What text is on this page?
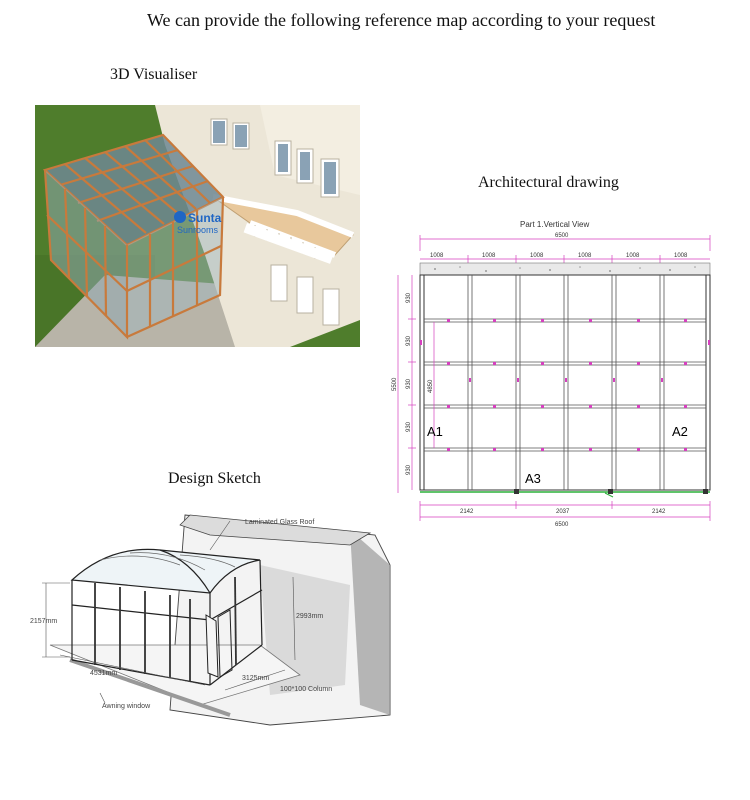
We can provide the following reference map according to your request
3D Visualiser
Architectural drawing
Design Sketch
Sunta
Sunrooms
Part 1.Vertical View
6500
1008	1008	1008	1008	1008	1008
930
930
930
930
930
5500	4850
2142	2037	2142
6500
A1	A2
A3
Laminated Glass Roof
2157mm
2993mm
4531mm
3125mm
100*100 Column
Awning window
